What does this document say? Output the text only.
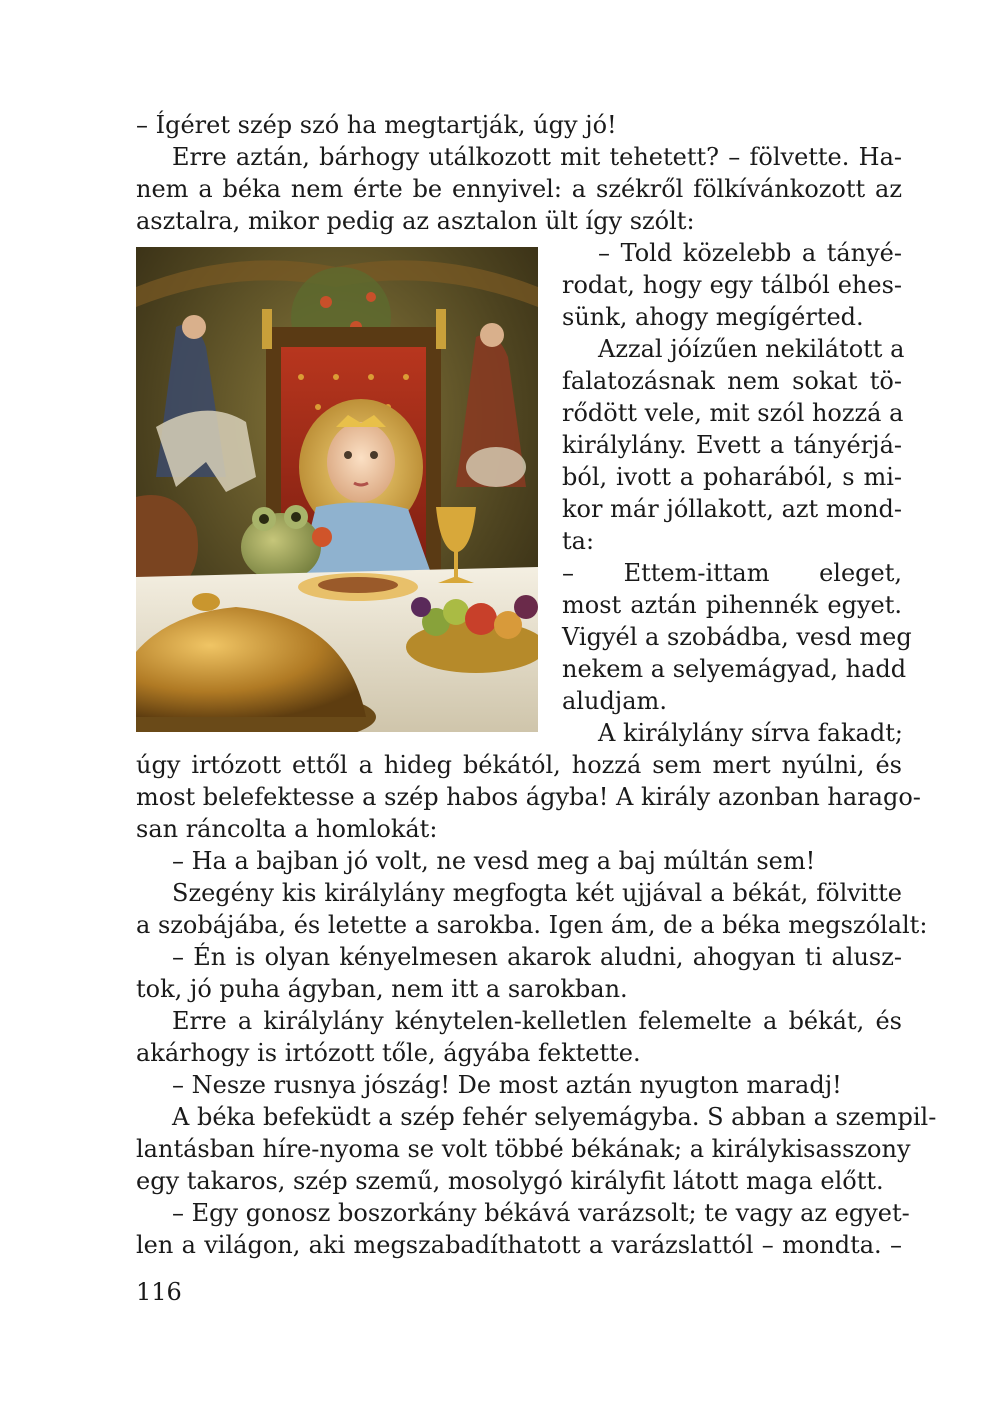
– Ígéret szép szó ha megtartják, úgy jó!
Erre aztán, bárhogy utálkozott mit tehetett? – fölvette. Ha-
nem a béka nem érte be ennyivel: a székről fölkívánkozott az
asztalra, mikor pedig az asztalon ült így szólt:
– Told közelebb a tányé-
rodat, hogy egy tálból ehes-
sünk, ahogy megígérted.
Azzal jóízűen nekilátott a
falatozásnak nem sokat tö-
rődött vele, mit szól hozzá a
királylány. Evett a tányérjá-
ból, ivott a poharából, s mi-
kor már jóllakott, azt mond-
ta:
– Ettem-ittam eleget,
most aztán pihennék egyet.
Vigyél a szobádba, vesd meg
nekem a selyemágyad, hadd
aludjam.
A királylány sírva fakadt;
úgy irtózott ettől a hideg békától, hozzá sem mert nyúlni, és
most belefektesse a szép habos ágyba! A király azonban harago-
san ráncolta a homlokát:
– Ha a bajban jó volt, ne vesd meg a baj múltán sem!
Szegény kis királylány megfogta két ujjával a békát, fölvitte
a szobájába, és letette a sarokba. Igen ám, de a béka megszólalt:
– Én is olyan kényelmesen akarok aludni, ahogyan ti alusz-
tok, jó puha ágyban, nem itt a sarokban.
Erre a királylány kénytelen-kelletlen felemelte a békát, és
akárhogy is irtózott tőle, ágyába fektette.
– Nesze rusnya jószág! De most aztán nyugton maradj!
A béka befeküdt a szép fehér selyemágyba. S abban a szempil-
lantásban híre-nyoma se volt többé békának; a királykisasszony
egy takaros, szép szemű, mosolygó királyfit látott maga előtt.
– Egy gonosz boszorkány békává varázsolt; te vagy az egyet-
len a világon, aki megszabadíthatott a varázslattól – mondta. –
116
